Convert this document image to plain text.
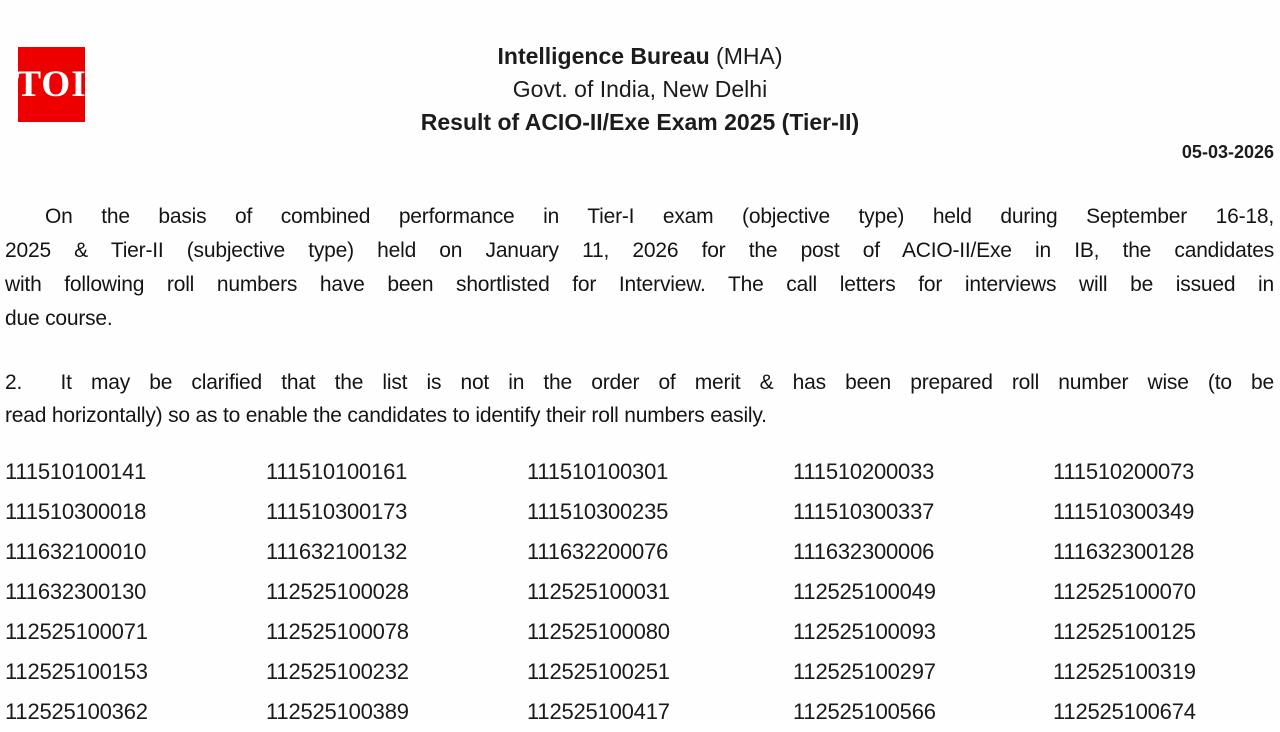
TOI
Intelligence Bureau (MHA)
Govt. of India, New Delhi
Result of ACIO-II/Exe Exam 2025 (Tier-II)
05-03-2026
On the basis of combined performance in Tier-I exam (objective type) held during September 16-18,
2025 & Tier-II (subjective type) held on January 11, 2026 for the post of ACIO-II/Exe in IB, the candidates
with following roll numbers have been shortlisted for Interview. The call letters for interviews will be issued in
due course.
2.  It may be clarified that the list is not in the order of merit & has been prepared roll number wise (to be
read horizontally) so as to enable the candidates to identify their roll numbers easily.
111510100141	111510100161	111510100301	111510200033	111510200073
111510300018	111510300173	111510300235	111510300337	111510300349
111632100010	111632100132	111632200076	111632300006	111632300128
111632300130	112525100028	112525100031	112525100049	112525100070
112525100071	112525100078	112525100080	112525100093	112525100125
112525100153	112525100232	112525100251	112525100297	112525100319
112525100362	112525100389	112525100417	112525100566	112525100674
